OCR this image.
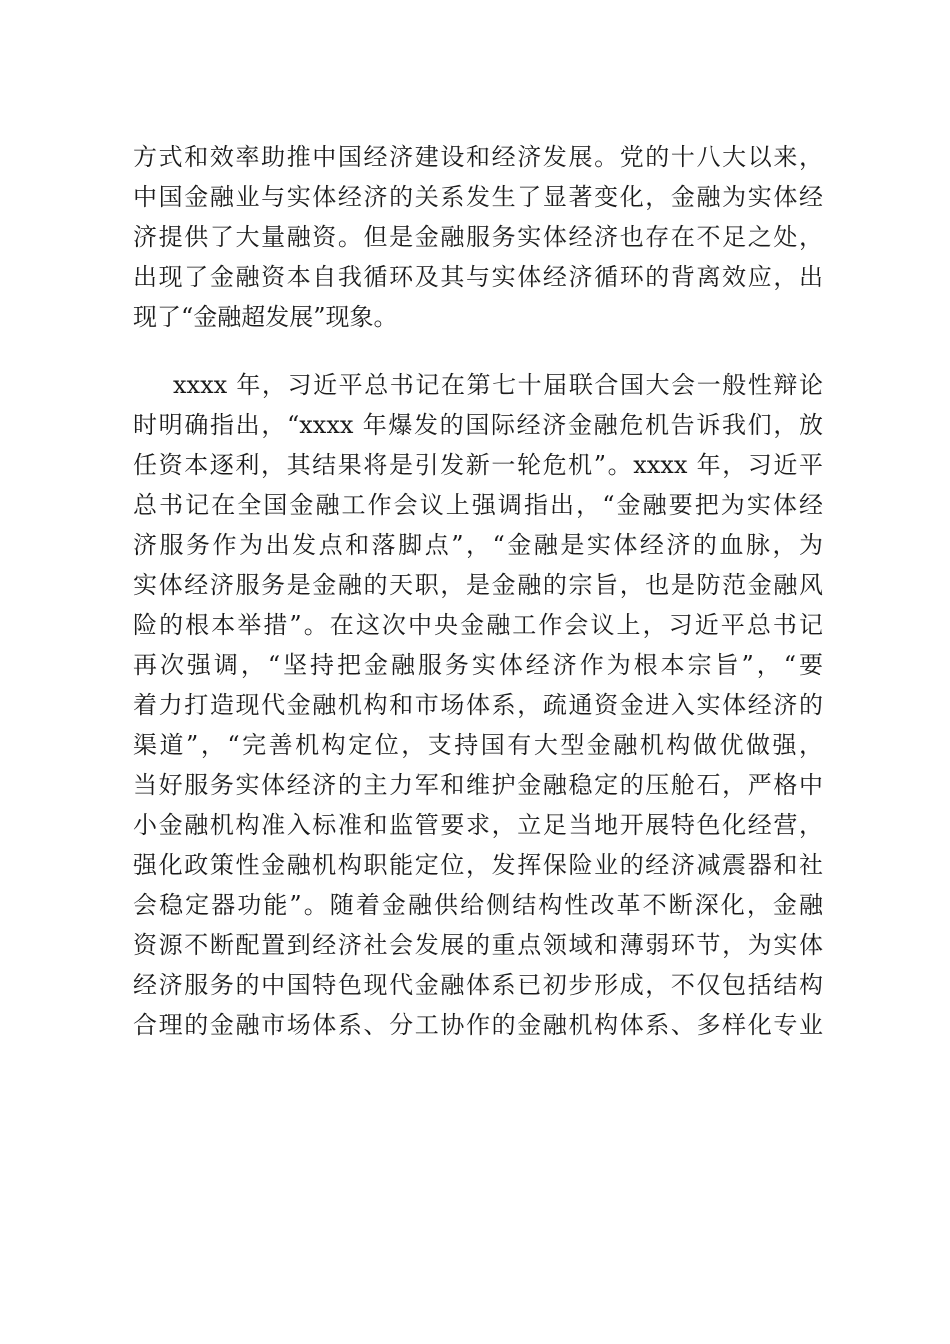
方式和效率助推中国经济建设和经济发展。党的十八大以来，
中国金融业与实体经济的关系发生了显著变化，金融为实体经
济提供了大量融资。但是金融服务实体经济也存在不足之处，
出现了金融资本自我循环及其与实体经济循环的背离效应，出
现了“金融超发展”现象。
xxxx 年，习近平总书记在第七十届联合国大会一般性辩论
时明确指出，“xxxx 年爆发的国际经济金融危机告诉我们，放
任资本逐利，其结果将是引发新一轮危机”。xxxx 年，习近平
总书记在全国金融工作会议上强调指出，“金融要把为实体经
济服务作为出发点和落脚点”，“金融是实体经济的血脉，为
实体经济服务是金融的天职，是金融的宗旨，也是防范金融风
险的根本举措”。在这次中央金融工作会议上，习近平总书记
再次强调，“坚持把金融服务实体经济作为根本宗旨”，“要
着力打造现代金融机构和市场体系，疏通资金进入实体经济的
渠道”，“完善机构定位，支持国有大型金融机构做优做强，
当好服务实体经济的主力军和维护金融稳定的压舱石，严格中
小金融机构准入标准和监管要求，立足当地开展特色化经营，
强化政策性金融机构职能定位，发挥保险业的经济减震器和社
会稳定器功能”。随着金融供给侧结构性改革不断深化，金融
资源不断配置到经济社会发展的重点领域和薄弱环节，为实体
经济服务的中国特色现代金融体系已初步形成，不仅包括结构
合理的金融市场体系、分工协作的金融机构体系、多样化专业
